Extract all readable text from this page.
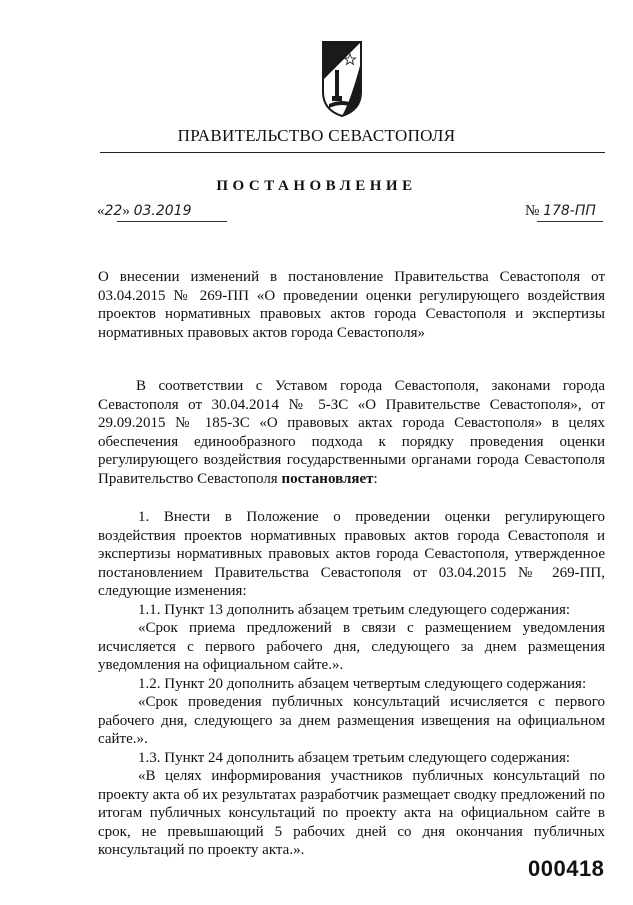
ПРАВИТЕЛЬСТВО СЕВАСТОПОЛЯ
ПОСТАНОВЛЕНИЕ
«22» 03.2019	№ 178-ПП

О внесении изменений в постановление Правительства Севастополя от 03.04.2015 № 269-ПП «О проведении оценки регулирующего воздействия проектов нормативных правовых актов города Севастополя и экспертизы нормативных правовых актов города Севастополя»

В соответствии с Уставом города Севастополя, законами города Севастополя от 30.04.2014 № 5-ЗС «О Правительстве Севастополя», от 29.09.2015 № 185-ЗС «О правовых актах города Севастополя» в целях обеспечения единообразного подхода к порядку проведения оценки регулирующего воздействия государственными органами города Севастополя Правительство Севастополя постановляет:

1. Внести в Положение о проведении оценки регулирующего воздействия проектов нормативных правовых актов города Севастополя и экспертизы нормативных правовых актов города Севастополя, утвержденное постановлением Правительства Севастополя от 03.04.2015 № 269-ПП, следующие изменения:

1.1. Пункт 13 дополнить абзацем третьим следующего содержания:

«Срок приема предложений в связи с размещением уведомления исчисляется с первого рабочего дня, следующего за днем размещения уведомления на официальном сайте.».

1.2. Пункт 20 дополнить абзацем четвертым следующего содержания:

«Срок проведения публичных консультаций исчисляется с первого рабочего дня, следующего за днем размещения извещения на официальном сайте.».

1.3. Пункт 24 дополнить абзацем третьим следующего содержания:

«В целях информирования участников публичных консультаций по проекту акта об их результатах разработчик размещает сводку предложений по итогам публичных консультаций по проекту акта на официальном сайте в срок, не превышающий 5 рабочих дней со дня окончания публичных консультаций по проекту акта.».

000418
